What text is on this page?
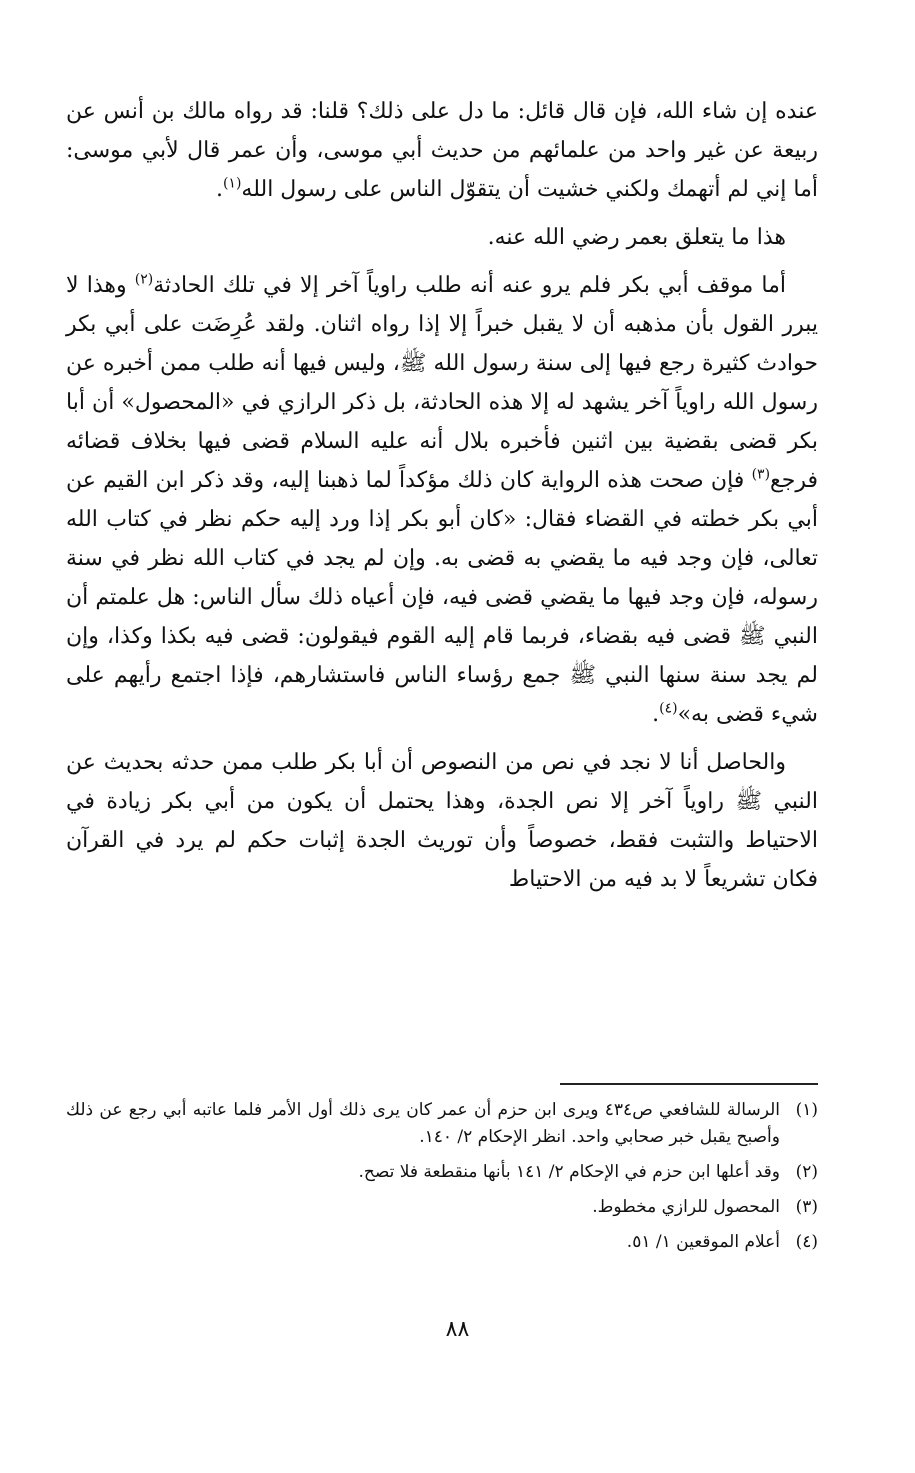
عنده إن شاء الله، فإن قال قائل: ما دل على ذلك؟ قلنا: قد رواه مالك بن أنس عن ربيعة عن غير واحد من علمائهم من حديث أبي موسى، وأن عمر قال لأبي موسى: أما إني لم أتهمك ولكني خشيت أن يتقوّل الناس على رسول الله$^{(١)}$.

هذا ما يتعلق بعمر رضي الله عنه.

أما موقف أبي بكر فلم يرو عنه أنه طلب راوياً آخر إلا في تلك الحادثة$^{(٢)}$ وهذا لا يبرر القول بأن مذهبه أن لا يقبل خبراً إلا إذا رواه اثنان. ولقد عُرِضَت على أبي بكر حوادث كثيرة رجع فيها إلى سنة رسول الله ﷺ، وليس فيها أنه طلب ممن أخبره عن رسول الله راوياً آخر يشهد له إلا هذه الحادثة، بل ذكر الرازي في «المحصول» أن أبا بكر قضى بقضية بين اثنين فأخبره بلال أنه عليه السلام قضى فيها بخلاف قضائه فرجع$^{(٣)}$ فإن صحت هذه الرواية كان ذلك مؤكداً لما ذهبنا إليه، وقد ذكر ابن القيم عن أبي بكر خطته في القضاء فقال: «كان أبو بكر إذا ورد إليه حكم نظر في كتاب الله تعالى، فإن وجد فيه ما يقضي به قضى به. وإن لم يجد في كتاب الله نظر في سنة رسوله، فإن وجد فيها ما يقضي قضى فيه، فإن أعياه ذلك سأل الناس: هل علمتم أن النبي ﷺ قضى فيه بقضاء، فربما قام إليه القوم فيقولون: قضى فيه بكذا وكذا، وإن لم يجد سنة سنها النبي ﷺ جمع رؤساء الناس فاستشارهم، فإذا اجتمع رأيهم على شيء قضى به»$^{(٤)}$.

والحاصل أنا لا نجد في نص من النصوص أن أبا بكر طلب ممن حدثه بحديث عن النبي ﷺ راوياً آخر إلا نص الجدة، وهذا يحتمل أن يكون من أبي بكر زيادة في الاحتياط والتثبت فقط، خصوصاً وأن توريث الجدة إثبات حكم لم يرد في القرآن فكان تشريعاً لا بد فيه من الاحتياط

(١)الرسالة للشافعي ص٤٣٤ ويرى ابن حزم أن عمر كان يرى ذلك أول الأمر فلما عاتبه أبي رجع عن ذلك وأصبح يقبل خبر صحابي واحد. انظر الإحكام ٢/ ١٤٠.

(٢)وقد أعلها ابن حزم في الإحكام ٢/ ١٤١ بأنها منقطعة فلا تصح.

(٣)المحصول للرازي مخطوط.

(٤)أعلام الموقعين ١/ ٥١.

٨٨
